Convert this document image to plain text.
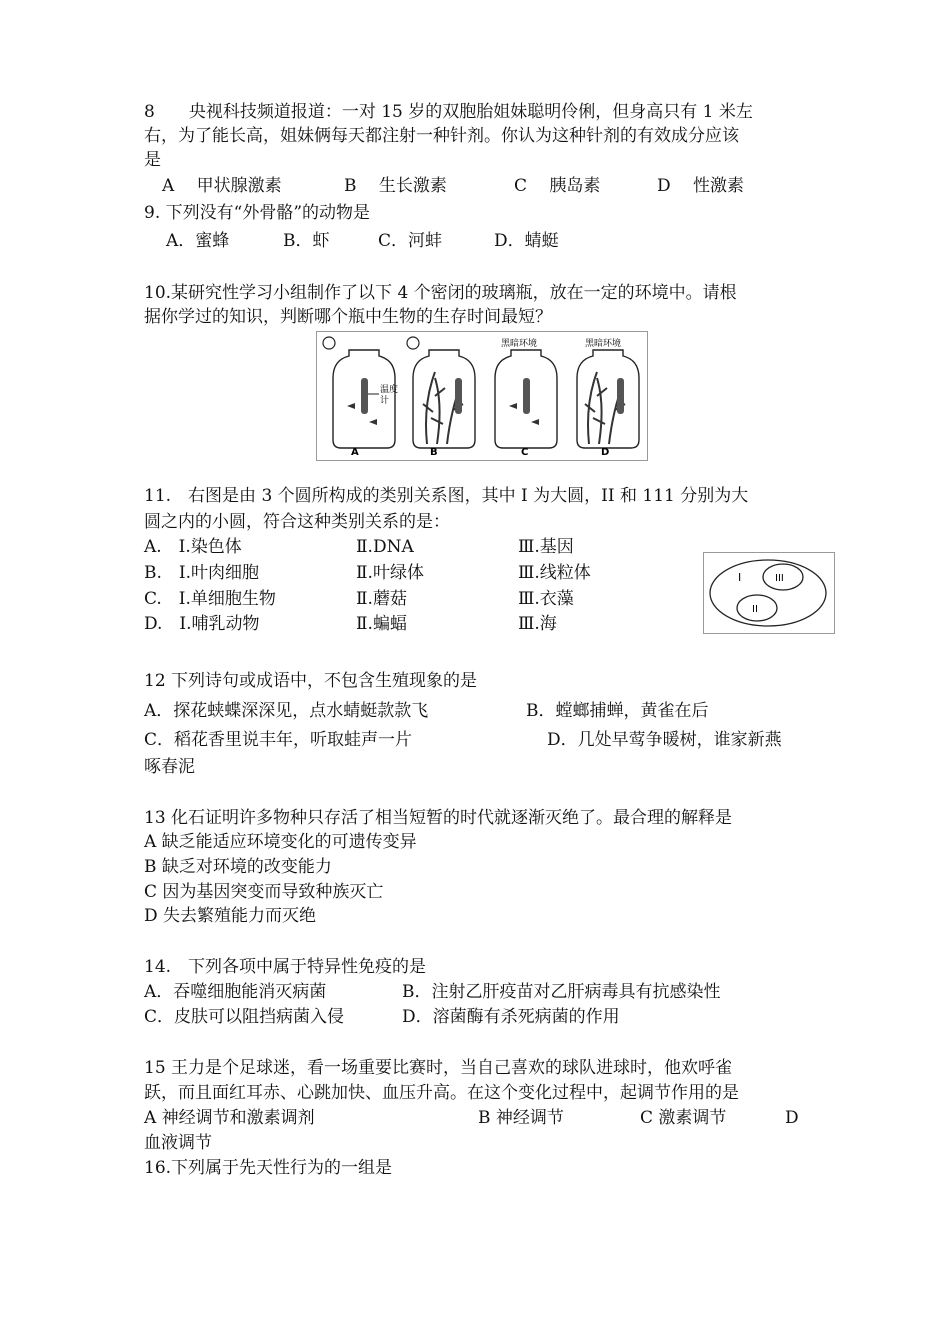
8　　央视科技频道报道：一对 15 岁的双胞胎姐妹聪明伶俐，但身高只有 1 米左
右，为了能长高，姐妹俩每天都注射一种针剂。你认为这种针剂的有效成分应该
是
A　 甲状腺激素	B　 生长激素	C　 胰岛素	D　 性激素
9. 下列没有“外骨骼”的动物是
A．蜜蜂	B．虾	C．河蚌	D．蜻蜓
10.某研究性学习小组制作了以下 4 个密闭的玻璃瓶，放在一定的环境中。请根
据你学过的知识，判断哪个瓶中生物的生存时间最短？
温度
计
A	B
黑暗环境
C
黑暗环境
D
11.　右图是由 3 个圆所构成的类别关系图，其中 I 为大圆，II 和 111 分别为大
圆之内的小圆，符合这种类别关系的是：
A.　Ⅰ.染色体	Ⅱ.DNA	Ⅲ.基因
B.　Ⅰ.叶肉细胞	Ⅱ.叶绿体	Ⅲ.线粒体
C.　Ⅰ.单细胞生物	Ⅱ.蘑菇	Ⅲ.衣藻
D.　Ⅰ.哺乳动物	Ⅱ.蝙蝠	Ⅲ.海
I	III
II
12 下列诗句或成语中，不包含生殖现象的是
A．探花蛱蝶深深见，点水蜻蜓款款飞	B．螳螂捕蝉，黄雀在后
C．稻花香里说丰年，听取蛙声一片	D．几处早莺争暖树，谁家新燕
啄春泥
13 化石证明许多物种只存活了相当短暂的时代就逐渐灭绝了。最合理的解释是
A 缺乏能适应环境变化的可遗传变异
B 缺乏对环境的改变能力
C 因为基因突变而导致种族灭亡
D 失去繁殖能力而灭绝
14.　下列各项中属于特异性免疫的是
A．吞噬细胞能消灭病菌	B．注射乙肝疫苗对乙肝病毒具有抗感染性
C．皮肤可以阻挡病菌入侵	D．溶菌酶有杀死病菌的作用
15 王力是个足球迷，看一场重要比赛时，当自己喜欢的球队进球时，他欢呼雀
跃，而且面红耳赤、心跳加快、血压升高。在这个变化过程中，起调节作用的是
A 神经调节和激素调剂	B 神经调节	C 激素调节	D
血液调节
16.下列属于先天性行为的一组是
